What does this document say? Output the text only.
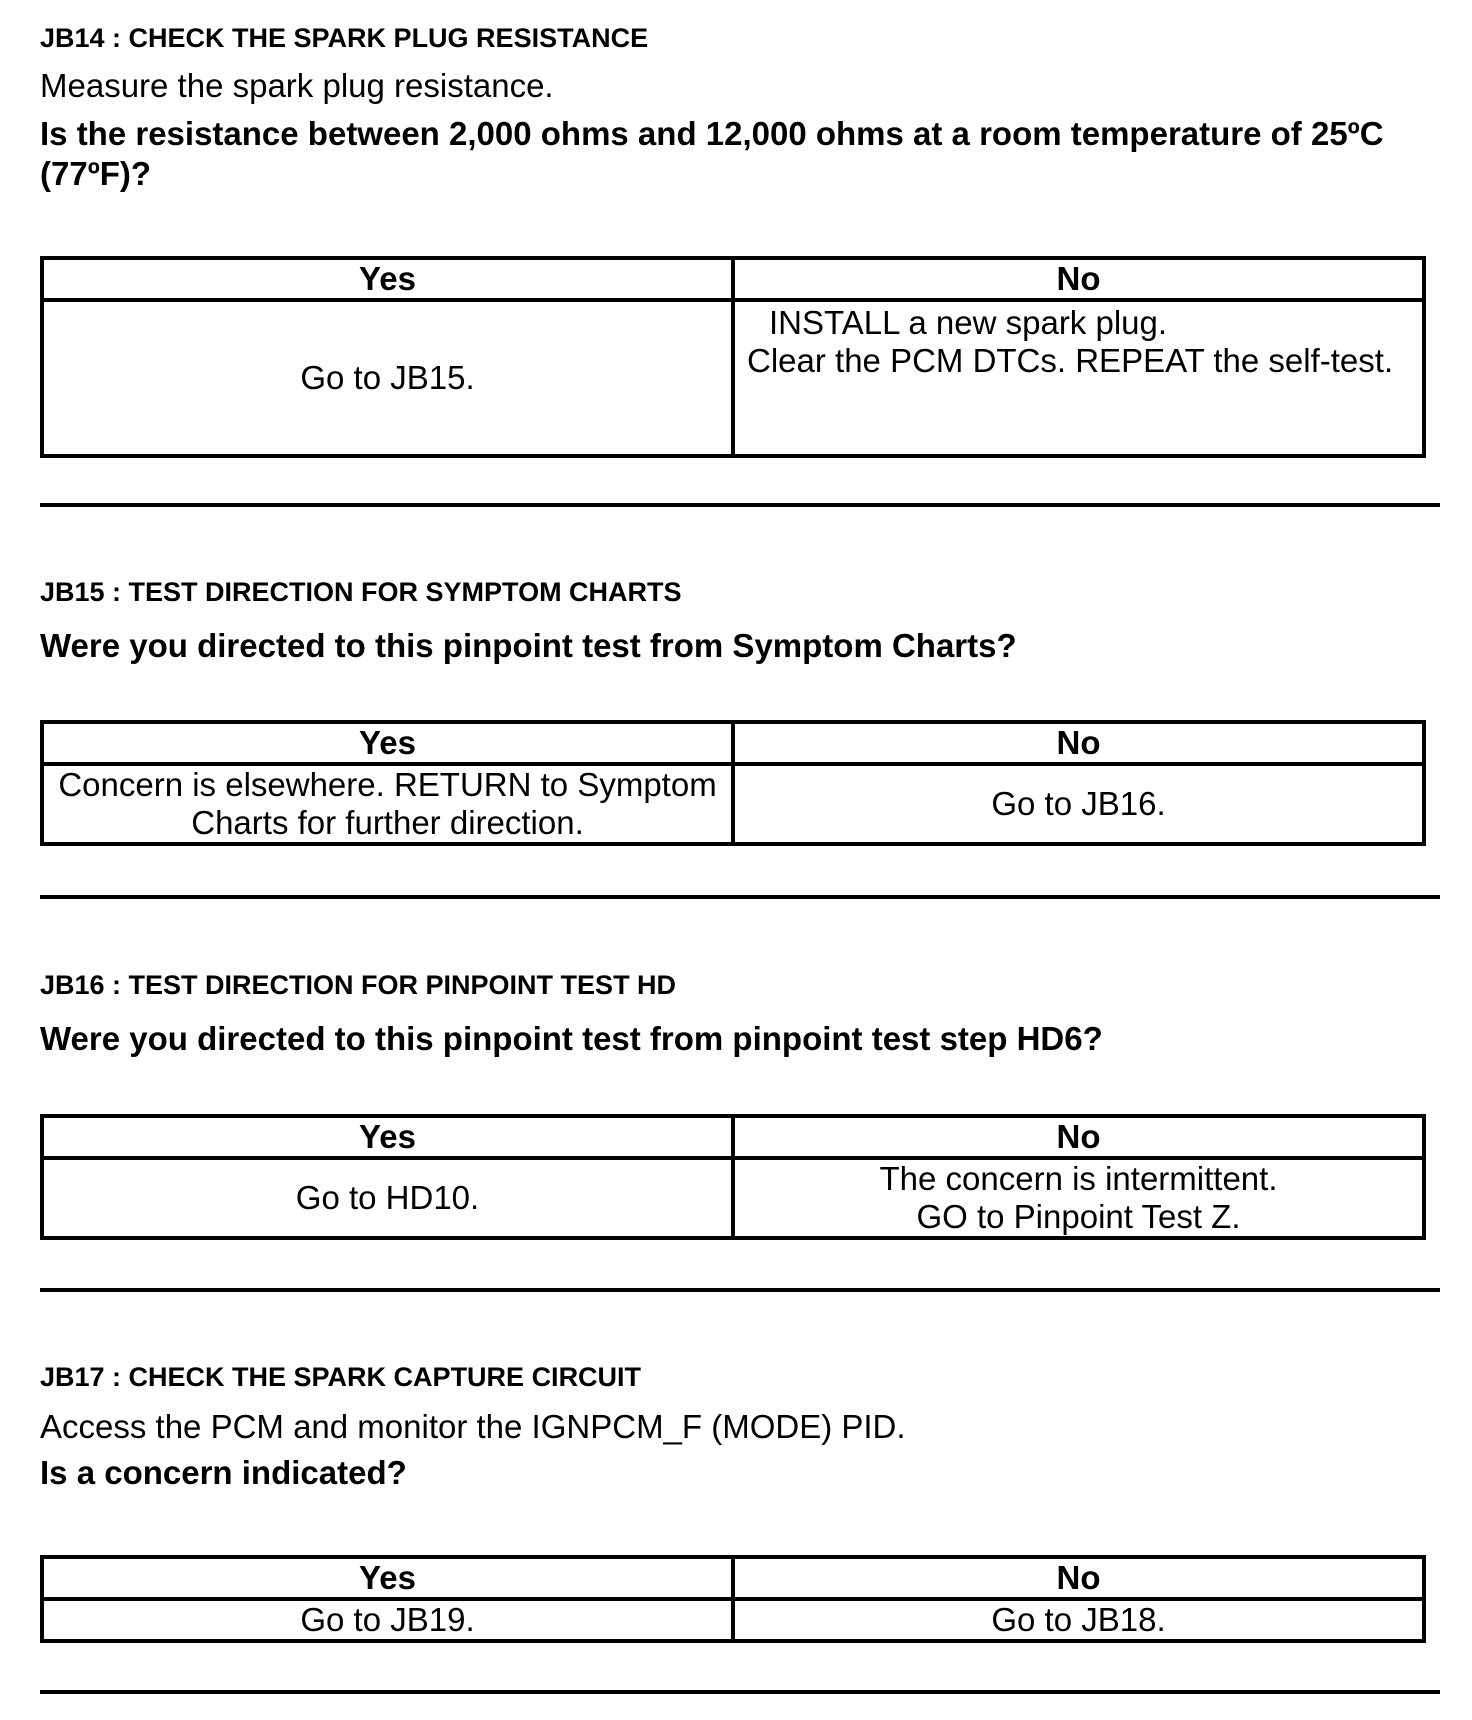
JB14 : CHECK THE SPARK PLUG RESISTANCE

Measure the spark plug resistance.

Is the resistance between 2,000 ohms and 12,000 ohms at a room temperature of 25ºC (77ºF)?

Yes	No

Go to JB15.	INSTALL a new spark plug.
Clear the PCM DTCs. REPEAT the self-test.

JB15 : TEST DIRECTION FOR SYMPTOM CHARTS

Were you directed to this pinpoint test from Symptom Charts?

Yes	No

Concern is elsewhere. RETURN to Symptom
Charts for further direction.	Go to JB16.

JB16 : TEST DIRECTION FOR PINPOINT TEST HD

Were you directed to this pinpoint test from pinpoint test step HD6?

Yes	No

Go to HD10.	The concern is intermittent.
GO to Pinpoint Test Z.

JB17 : CHECK THE SPARK CAPTURE CIRCUIT

Access the PCM and monitor the IGNPCM_F (MODE) PID.

Is a concern indicated?

Yes	No

Go to JB19.	Go to JB18.
